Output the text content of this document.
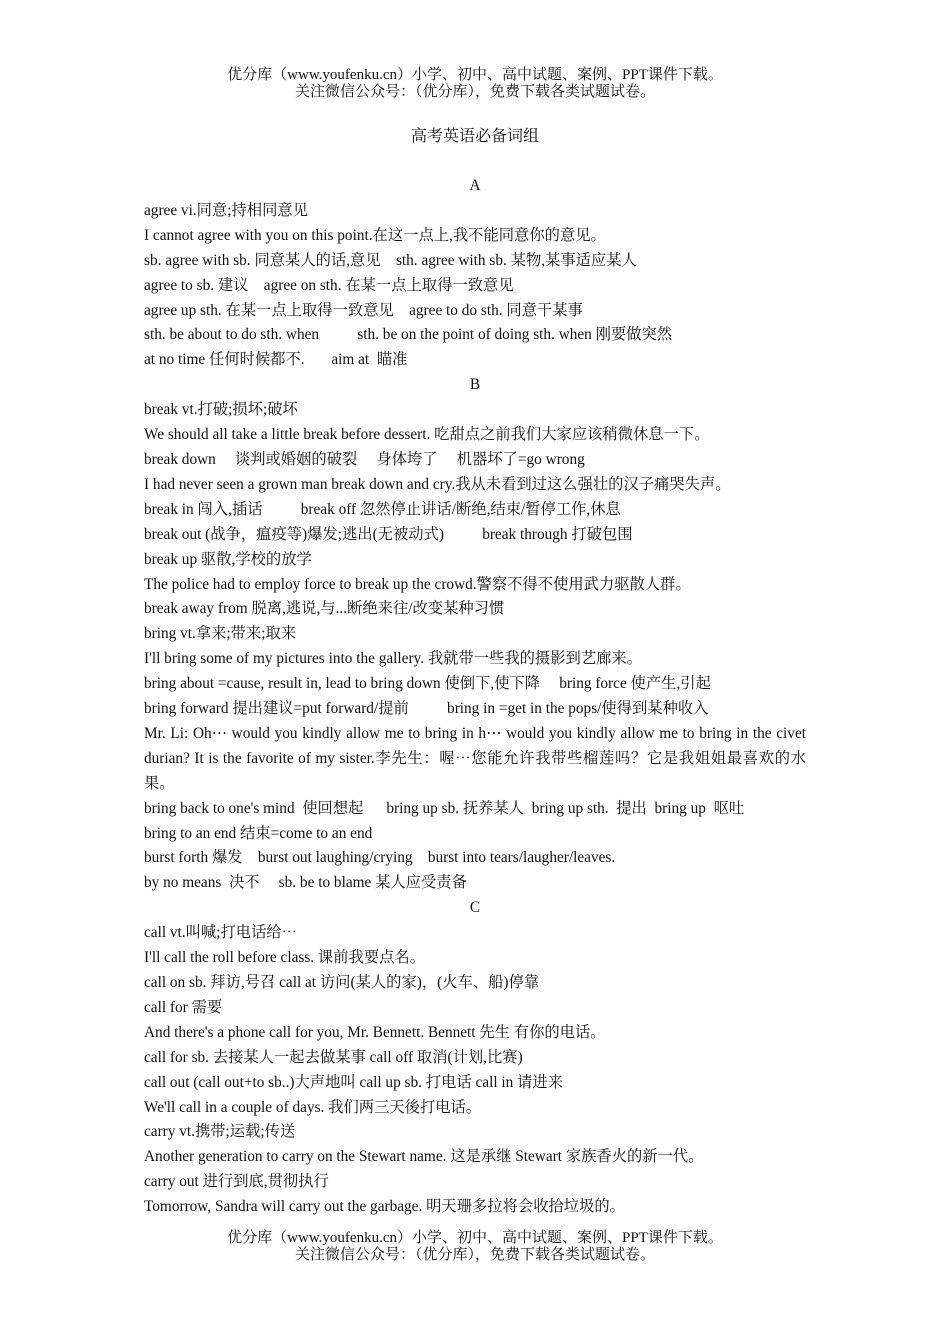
优分库（www.youfenku.cn）小学、初中、高中试题、案例、PPT课件下载。
关注微信公众号：（优分库），免费下载各类试题试卷。
高考英语必备词组
A
agree vi.同意;持相同意见
I cannot agree with you on this point.在这一点上,我不能同意你的意见。
sb. agree with sb. 同意某人的话,意见    sth. agree with sb. 某物,某事适应某人
agree to sb. 建议    agree on sth. 在某一点上取得一致意见
agree up sth. 在某一点上取得一致意见    agree to do sth. 同意干某事
sth. be about to do sth. when          sth. be on the point of doing sth. when 刚要做突然
at no time 任何时候都不.       aim at  瞄准
B
break vt.打破;损坏;破坏
We should all take a little break before dessert. 吃甜点之前我们大家应该稍微休息一下。
break down     谈判或婚姻的破裂     身体垮了     机器坏了=go wrong
I had never seen a grown man break down and cry.我从未看到过这么强壮的汉子痛哭失声。
break in 闯入,插话          break off 忽然停止讲话/断绝,结束/暂停工作,休息
break out (战争，瘟疫等)爆发;逃出(无被动式)          break through 打破包围
break up 驱散,学校的放学
The police had to employ force to break up the crowd.警察不得不使用武力驱散人群。
break away from 脱离,逃说,与...断绝来往/改变某种习惯
bring vt.拿来;带来;取来
I'll bring some of my pictures into the gallery. 我就带一些我的摄影到艺廊来。
bring about =cause, result in, lead to bring down 使倒下,使下降     bring force 使产生,引起
bring forward 提出建议=put forward/提前          bring in =get in the pops/使得到某种收入
Mr. Li: Oh⋯ would you kindly allow me to bring in h⋯ would you kindly allow me to bring in the civet durian? It is the favorite of my sister.李先生：喔⋯您能允许我带些榴莲吗？它是我姐姐最喜欢的水果。
bring back to one's mind  使回想起      bring up sb. 抚养某人  bring up sth.  提出  bring up  呕吐
bring to an end 结束=come to an end
burst forth 爆发    burst out laughing/crying    burst into tears/laugher/leaves.
by no means  决不     sb. be to blame 某人应受责备
C
call vt.叫喊;打电话给⋯
I'll call the roll before class. 课前我要点名。
call on sb. 拜访,号召 call at 访问(某人的家)，(火车、船)停靠
call for 需要
And there's a phone call for you, Mr. Bennett. Bennett 先生 有你的电话。
call for sb. 去接某人一起去做某事 call off 取消(计划,比赛)
call out (call out+to sb..)大声地叫 call up sb. 打电话 call in 请进来
We'll call in a couple of days. 我们两三天後打电话。
carry vt.携带;运载;传送
Another generation to carry on the Stewart name. 这是承继 Stewart 家族香火的新一代。
carry out 进行到底,贯彻执行
Tomorrow, Sandra will carry out the garbage. 明天珊多拉将会收拾垃圾的。
优分库（www.youfenku.cn）小学、初中、高中试题、案例、PPT课件下载。
关注微信公众号：（优分库），免费下载各类试题试卷。
